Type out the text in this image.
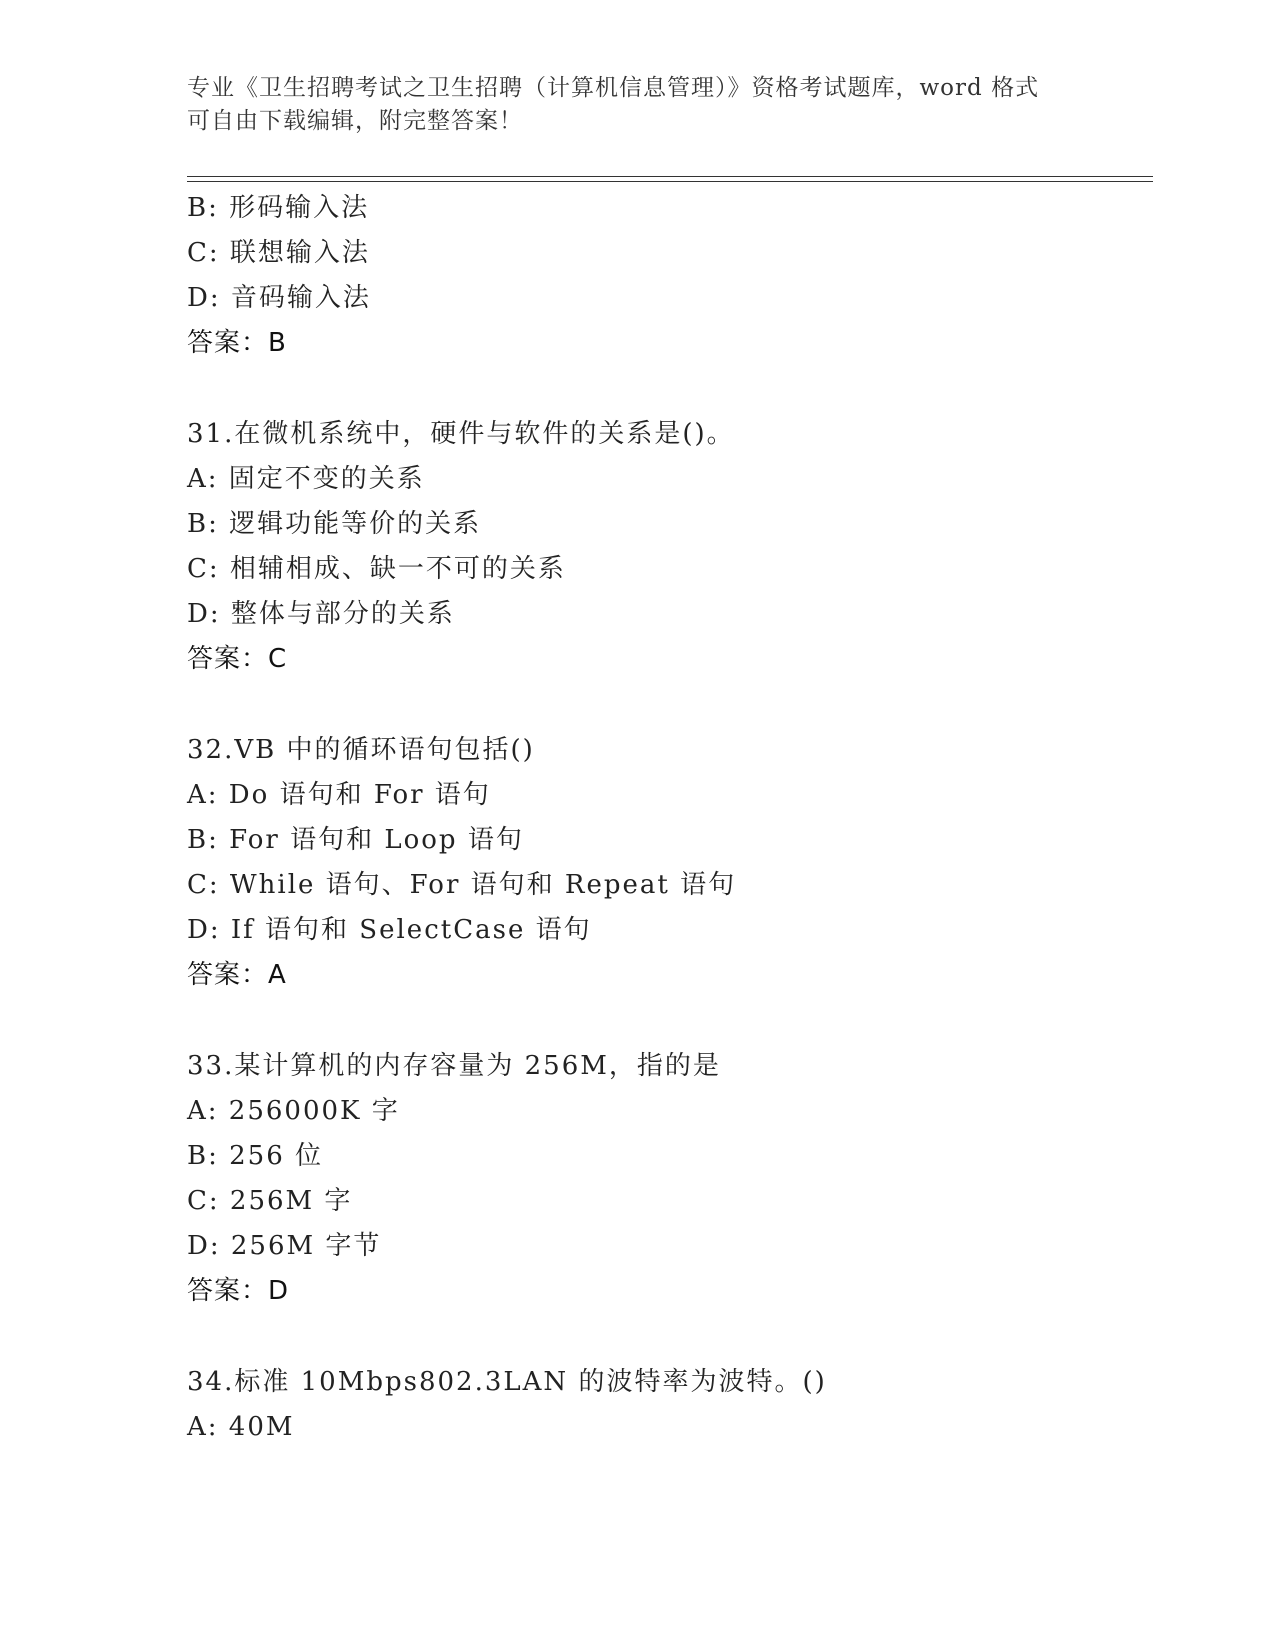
专业《卫生招聘考试之卫生招聘（计算机信息管理）》资格考试题库，word 格式
可自由下载编辑，附完整答案！
B: 形码输入法
C: 联想输入法
D: 音码输入法
答案：B
31.在微机系统中，硬件与软件的关系是()。
A: 固定不变的关系
B: 逻辑功能等价的关系
C: 相辅相成、缺一不可的关系
D: 整体与部分的关系
答案：C
32.VB 中的循环语句包括()
A: Do 语句和 For 语句
B: For 语句和 Loop 语句
C: While 语句、For 语句和 Repeat 语句
D: If 语句和 SelectCase 语句
答案：A
33.某计算机的内存容量为 256M，指的是
A: 256000K 字
B: 256 位
C: 256M 字
D: 256M 字节
答案：D
34.标准 10Mbps802.3LAN 的波特率为波特。()
A: 40M
